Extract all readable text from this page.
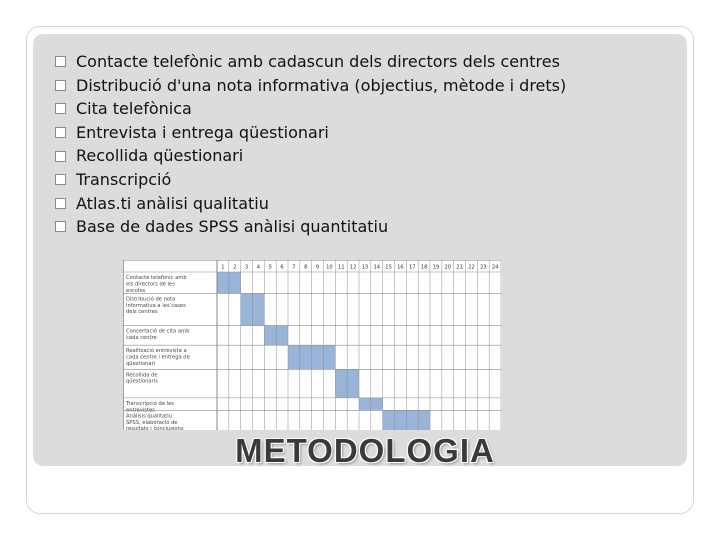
Contacte telefònic amb cadascun dels directors dels centres
Distribució d'una nota informativa (objectius, mètode i drets)
Cita telefònica
Entrevista i entrega qüestionari
Recollida qüestionari
Transcripció
Atlas.ti anàlisi qualitatiu
Base de dades SPSS anàlisi quantitatiu
1 2 3 4 5 6 7 8 9 10 11 12 13 14 15 16 17 18 19 20 21 22 23 24
Contacte telefònic amb els directors de les escoles
Distribució de nota informativa a les cases dels centres
Concertació de cita amb cada centre
Realització entrevista a cada centre i entrega de qüestionari
Recollida de qüestionaris
Transcripció de les entrevistes
Anàlisis qualitatiu SPSS, elaboració de resultats i conclusions
METODOLOGIA
